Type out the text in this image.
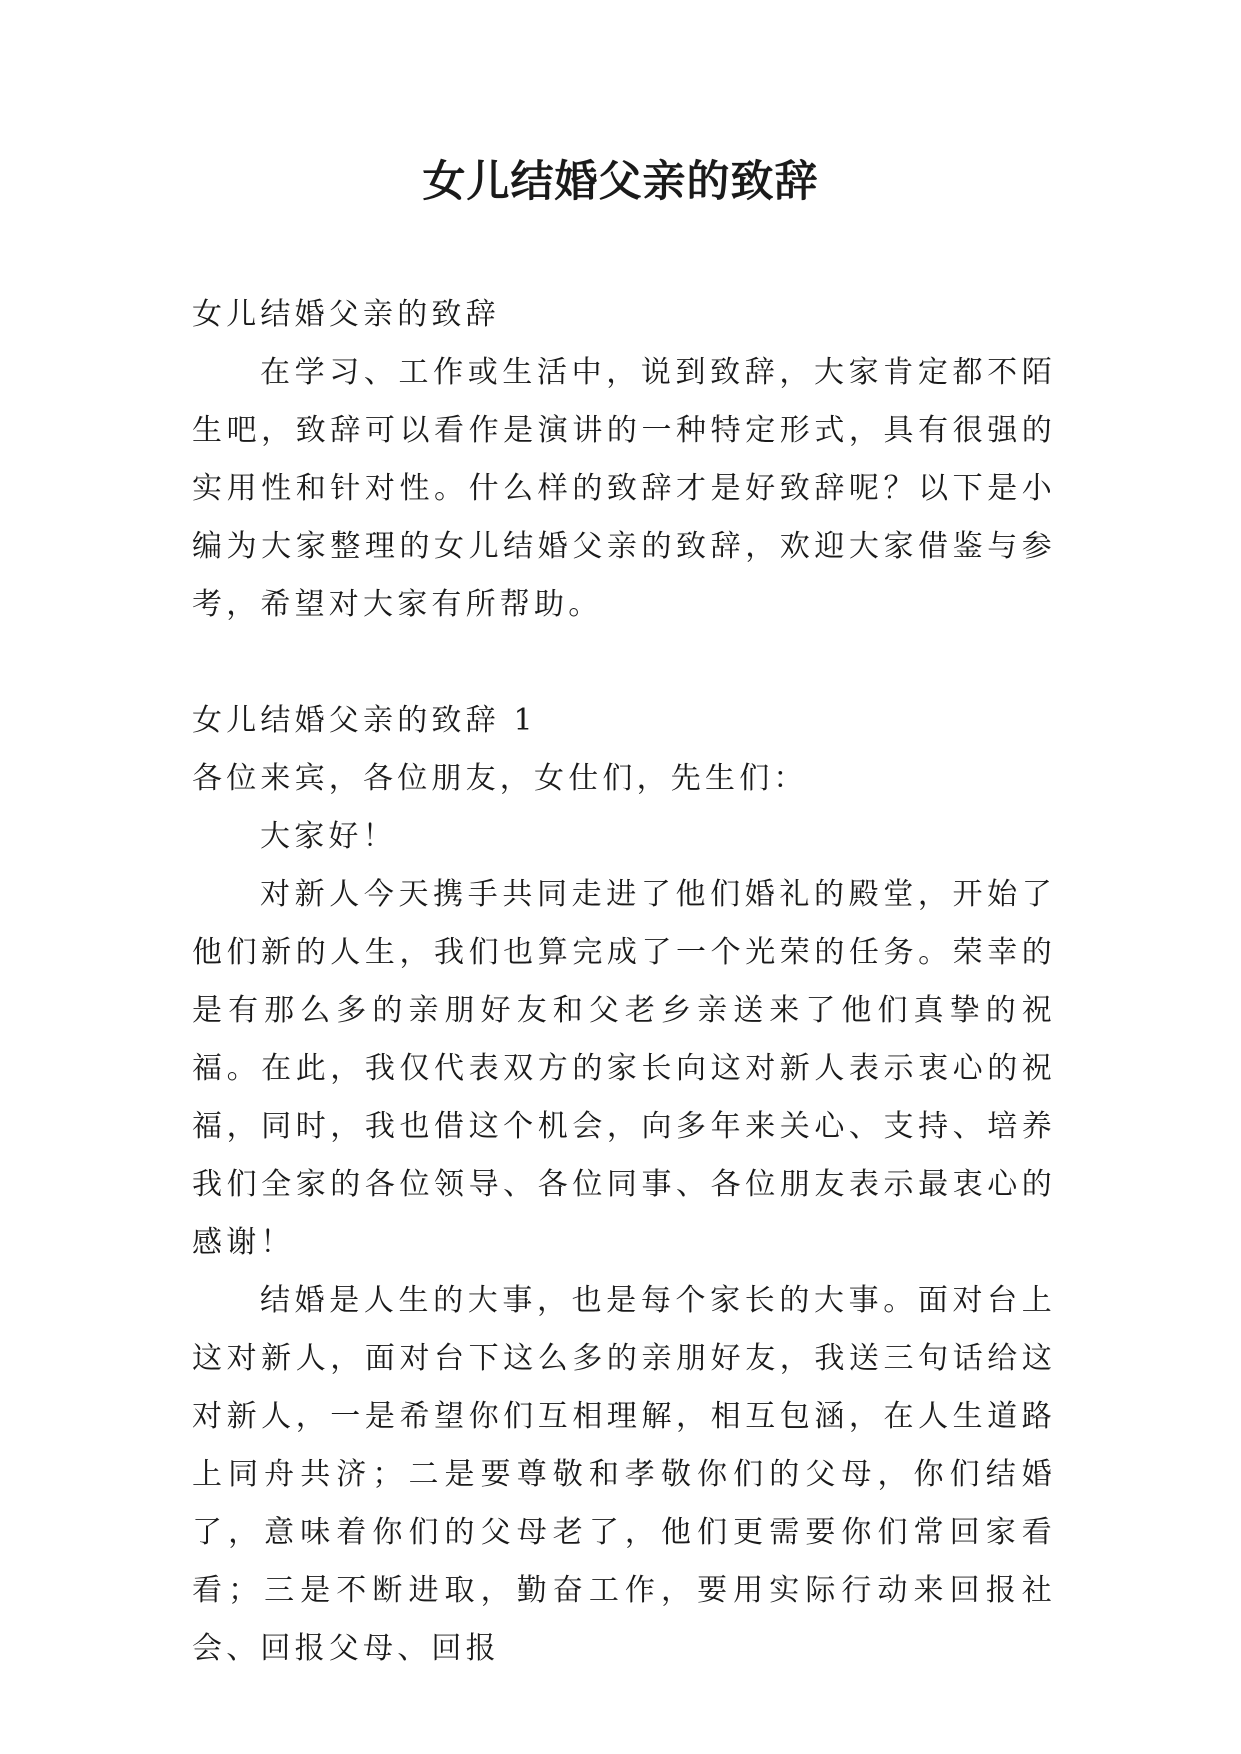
女儿结婚父亲的致辞

女儿结婚父亲的致辞

在学习、工作或生活中，说到致辞，大家肯定都不陌生吧，致辞可以看作是演讲的一种特定形式，具有很强的实用性和针对性。什么样的致辞才是好致辞呢？以下是小编为大家整理的女儿结婚父亲的致辞，欢迎大家借鉴与参考，希望对大家有所帮助。

女儿结婚父亲的致辞 1

各位来宾，各位朋友，女仕们，先生们：

大家好！

对新人今天携手共同走进了他们婚礼的殿堂，开始了他们新的人生，我们也算完成了一个光荣的任务。荣幸的是有那么多的亲朋好友和父老乡亲送来了他们真挚的祝福。在此，我仅代表双方的家长向这对新人表示衷心的祝福，同时，我也借这个机会，向多年来关心、支持、培养我们全家的各位领导、各位同事、各位朋友表示最衷心的感谢！

结婚是人生的大事，也是每个家长的大事。面对台上这对新人，面对台下这么多的亲朋好友，我送三句话给这对新人，一是希望你们互相理解，相互包涵，在人生道路上同舟共济；二是要尊敬和孝敬你们的父母，你们结婚了，意味着你们的父母老了，他们更需要你们常回家看看；三是不断进取，勤奋工作，要用实际行动来回报社会、回报父母、回报
